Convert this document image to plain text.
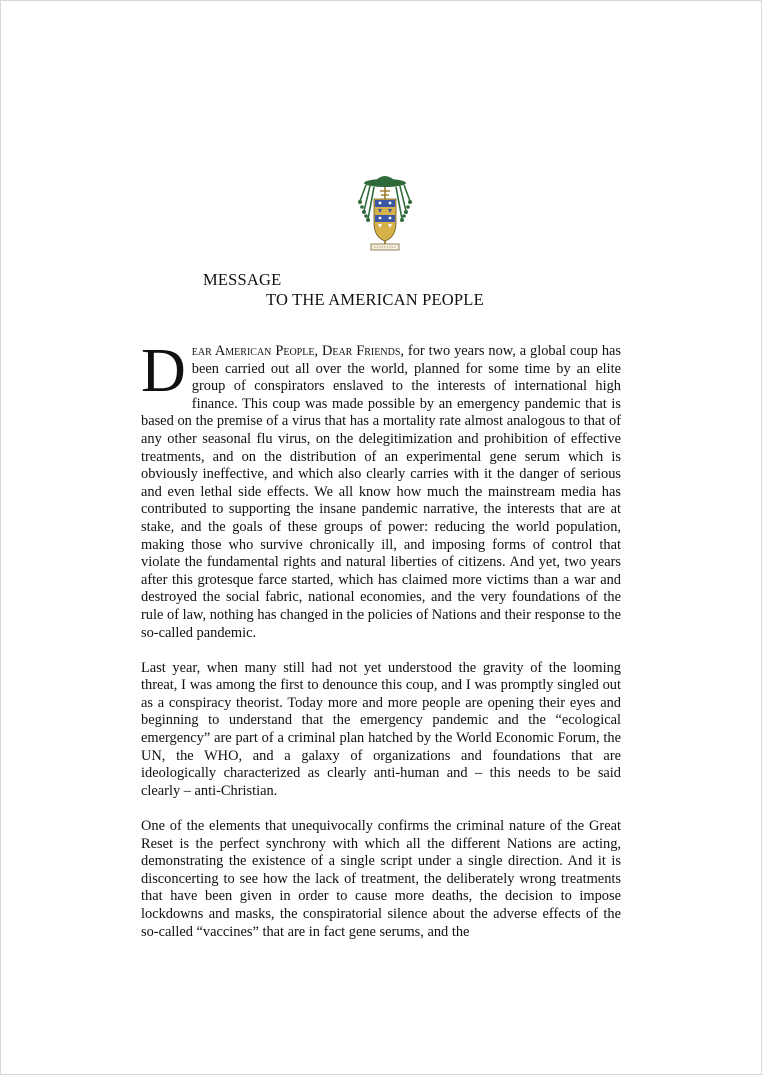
MESSAGE
TO THE AMERICAN PEOPLE

Dear American People, Dear Friends, for two years now, a global coup has been carried out all over the world, planned for some time by an elite group of conspirators enslaved to the interests of international high finance. This coup was made possible by an emergency pandemic that is based on the premise of a virus that has a mortality rate almost analogous to that of any other seasonal flu virus, on the delegitimization and prohibition of effective treatments, and on the distribution of an experimental gene serum which is obviously ineffective, and which also clearly carries with it the danger of serious and even lethal side effects. We all know how much the mainstream media has contributed to supporting the insane pandemic narrative, the interests that are at stake, and the goals of these groups of power: reducing the world population, making those who survive chronically ill, and imposing forms of control that violate the fundamental rights and natural liberties of citizens. And yet, two years after this grotesque farce started, which has claimed more victims than a war and destroyed the social fabric, national economies, and the very foundations of the rule of law, nothing has changed in the policies of Nations and their response to the so-called pandemic.

Last year, when many still had not yet understood the gravity of the looming threat, I was among the first to denounce this coup, and I was promptly singled out as a conspiracy theorist. Today more and more people are opening their eyes and beginning to understand that the emergency pandemic and the “ecological emergency” are part of a criminal plan hatched by the World Economic Forum, the UN, the WHO, and a galaxy of organizations and foundations that are ideologically characterized as clearly anti-human and – this needs to be said clearly – anti-Christian.

One of the elements that unequivocally confirms the criminal nature of the Great Reset is the perfect synchrony with which all the different Nations are acting, demonstrating the existence of a single script under a single direction. And it is disconcerting to see how the lack of treatment, the deliberately wrong treatments that have been given in order to cause more deaths, the decision to impose lockdowns and masks, the conspiratorial silence about the adverse effects of the so-called “vaccines” that are in fact gene serums, and the
